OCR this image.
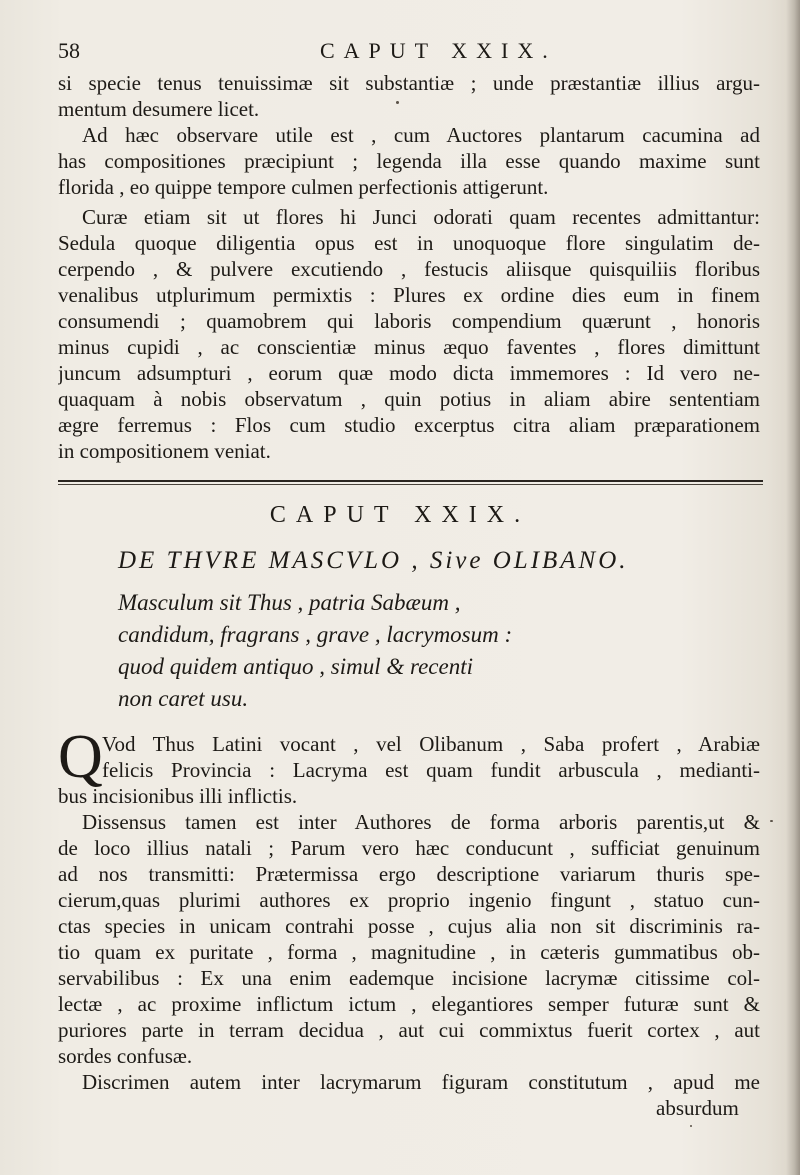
58	CAPUT XXIX.
si specie tenus tenuissimæ sit substantiæ ; unde præstantiæ illius argu-
mentum desumere licet.
Ad hæc observare utile est , cum Auctores plantarum cacumina ad
has compositiones præcipiunt ; legenda illa esse quando maxime sunt
florida , eo quippe tempore culmen perfectionis attigerunt.
Curæ etiam sit ut flores hi Junci odorati quam recentes admittantur:
Sedula quoque diligentia opus est in unoquoque flore singulatim de-
cerpendo , & pulvere excutiendo , festucis aliisque quisquiliis floribus
venalibus utplurimum permixtis : Plures ex ordine dies eum in finem
consumendi ; quamobrem qui laboris compendium quærunt , honoris
minus cupidi , ac conscientiæ minus æquo faventes , flores dimittunt
juncum adsumpturi , eorum quæ modo dicta immemores : Id vero ne-
quaquam à nobis observatum , quin potius in aliam abire sententiam
ægre ferremus : Flos cum studio excerptus citra aliam præparationem
in compositionem veniat.
CAPUT XXIX.
DE THVRE MASCVLO , Sive OLIBANO.
Masculum sit Thus , patria Sabæum ,
candidum, fragrans , grave , lacrymosum :
quod quidem antiquo , simul & recenti
non caret usu.
Q Vod Thus Latini vocant , vel Olibanum , Saba profert , Arabiæ
felicis Provincia : Lacryma est quam fundit arbuscula , medianti-
bus incisionibus illi inflictis.
Dissensus tamen est inter Authores de forma arboris parentis,ut &
de loco illius natali ; Parum vero hæc conducunt , sufficiat genuinum
ad nos transmitti: Prætermissa ergo descriptione variarum thuris spe-
cierum,quas plurimi authores ex proprio ingenio fingunt , statuo cun-
ctas species in unicam contrahi posse , cujus alia non sit discriminis ra-
tio quam ex puritate , forma , magnitudine , in cæteris gummatibus ob-
servabilibus : Ex una enim eademque incisione lacrymæ citissime col-
lectæ , ac proxime inflictum ictum , elegantiores semper futuræ sunt &
puriores parte in terram decidua , aut cui commixtus fuerit cortex , aut
sordes confusæ.
Discrimen autem inter lacrymarum figuram constitutum , apud me
absurdum
